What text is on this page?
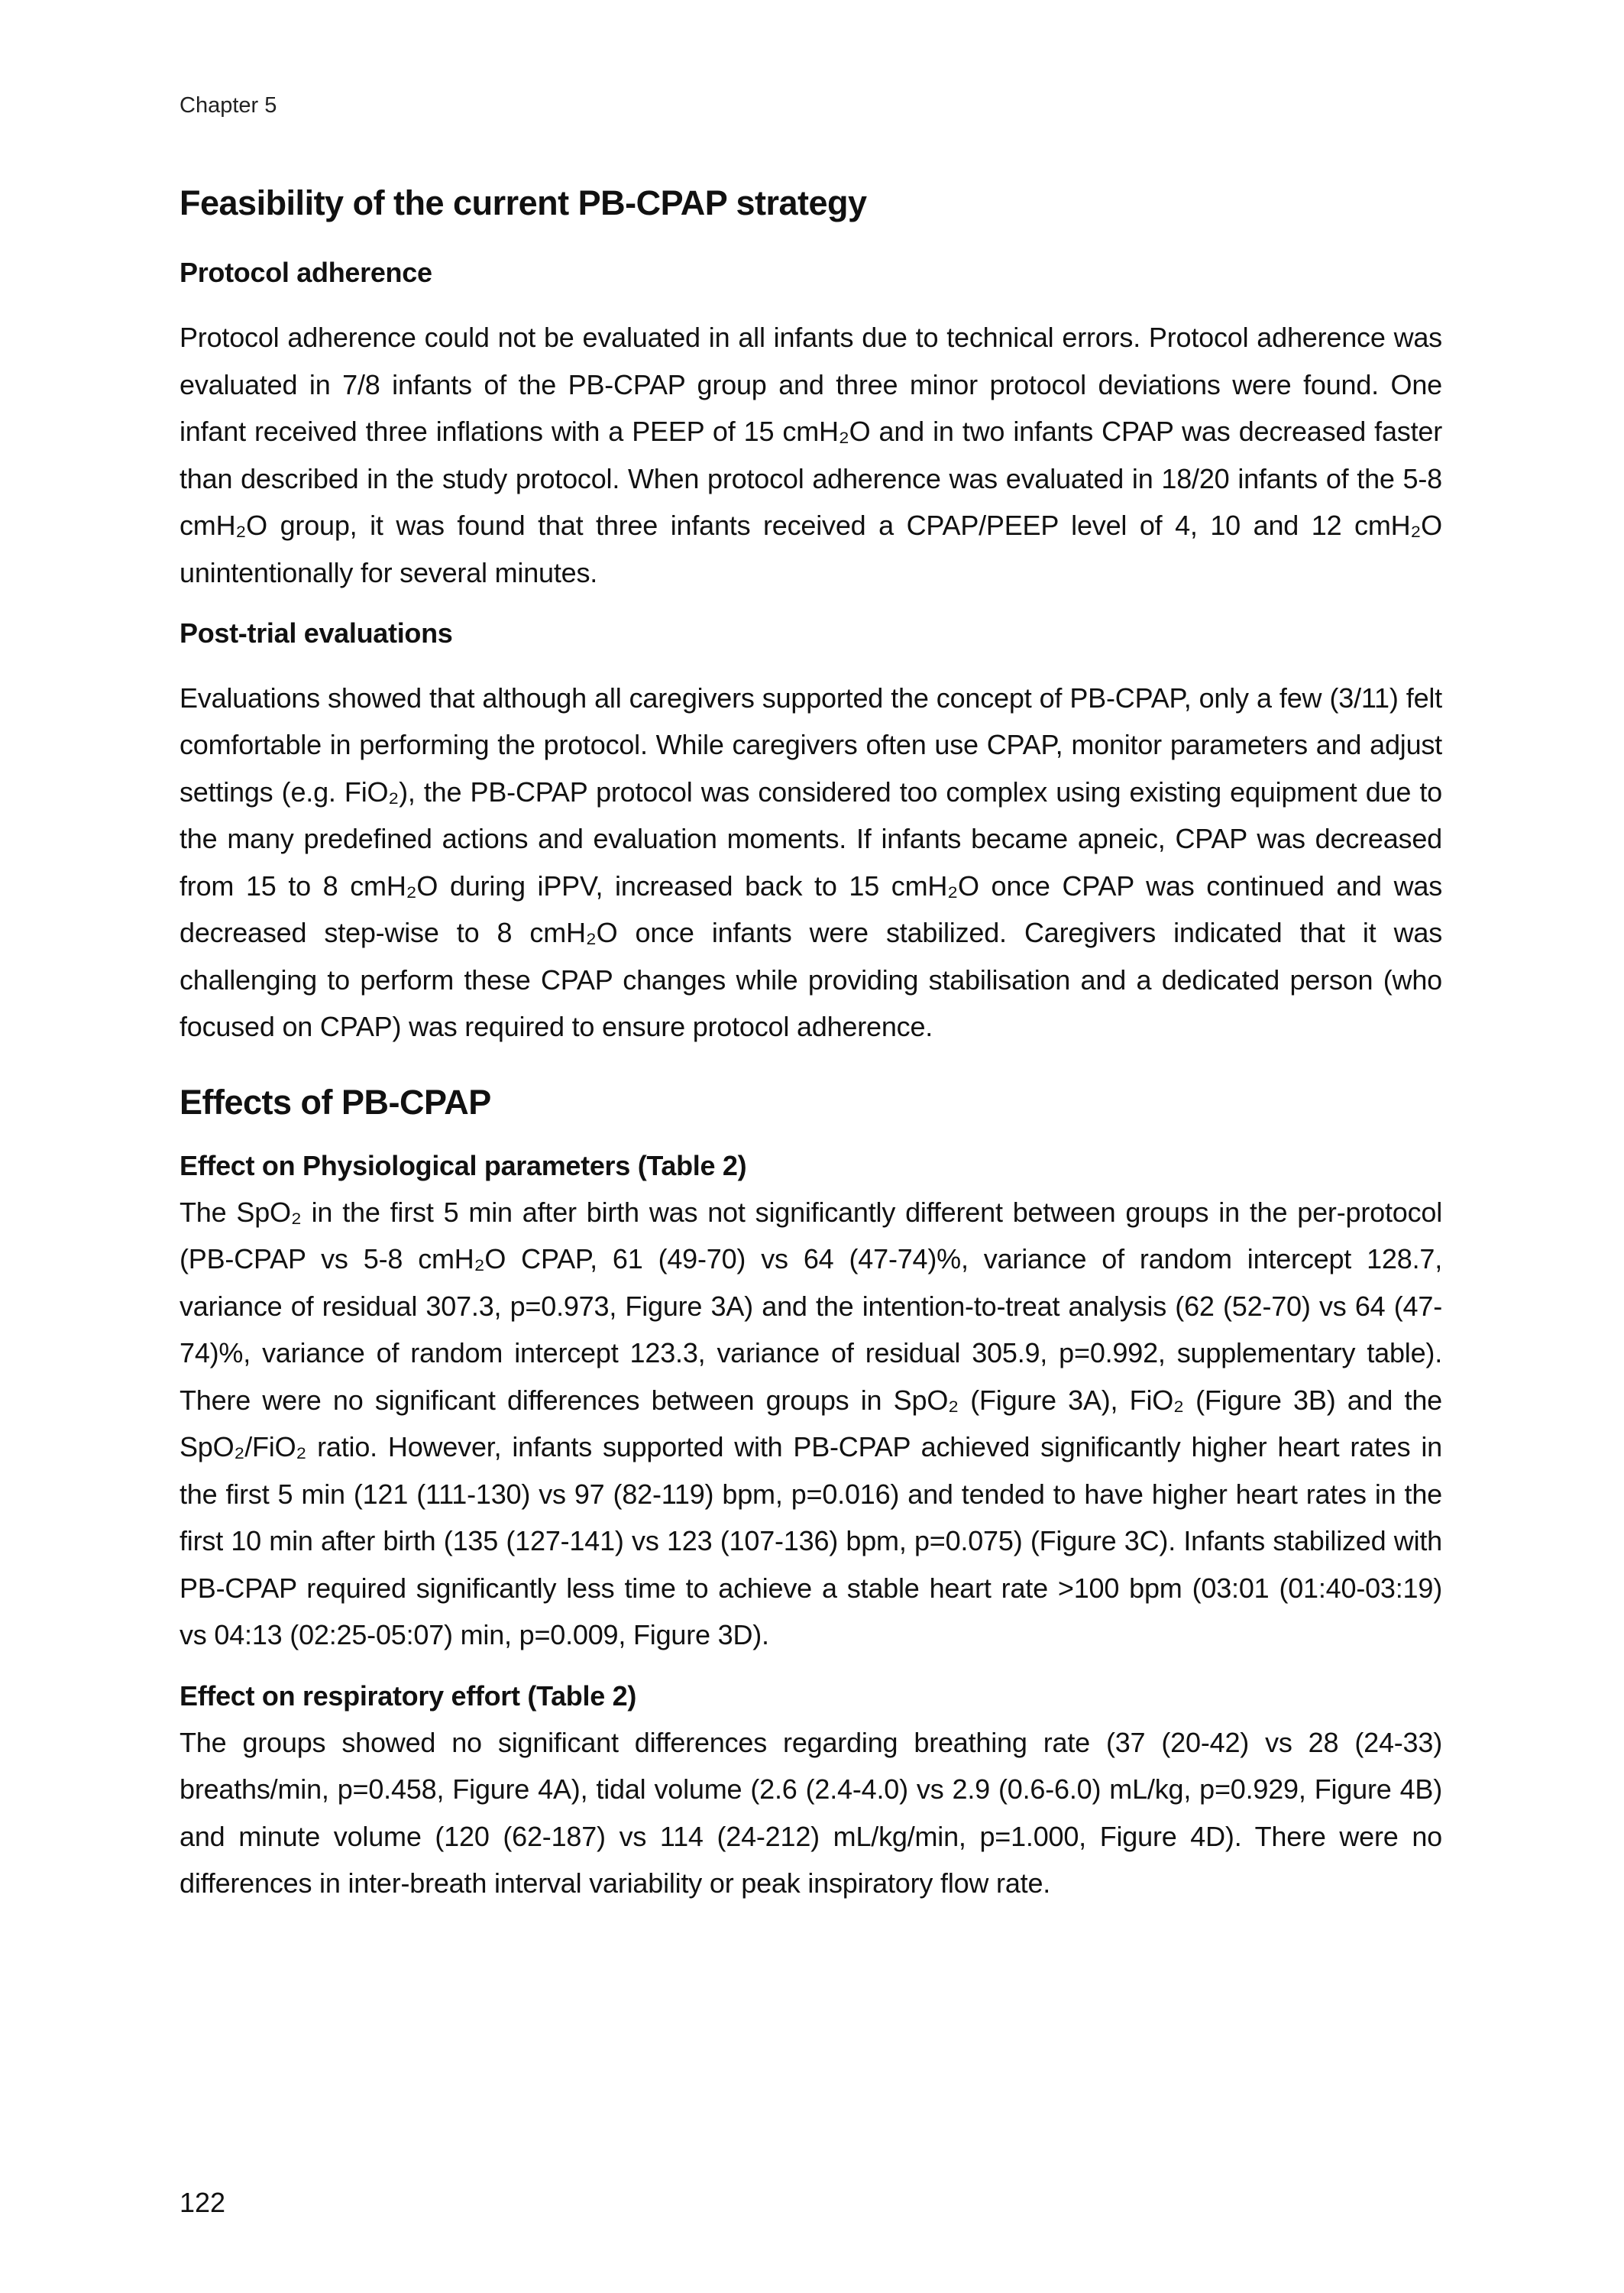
Chapter 5
Feasibility of the current PB-CPAP strategy
Protocol adherence

Protocol adherence could not be evaluated in all infants due to technical errors. Protocol adherence was evaluated in 7/8 infants of the PB-CPAP group and three minor protocol deviations were found. One infant received three inflations with a PEEP of 15 cmH₂O and in two infants CPAP was decreased faster than described in the study protocol. When protocol adherence was evaluated in 18/20 infants of the 5-8 cmH₂O group, it was found that three infants received a CPAP/PEEP level of 4, 10 and 12 cmH₂O unintentionally for several minutes.

Post-trial evaluations

Evaluations showed that although all caregivers supported the concept of PB-CPAP, only a few (3/11) felt comfortable in performing the protocol. While caregivers often use CPAP, monitor parameters and adjust settings (e.g. FiO₂), the PB-CPAP protocol was considered too complex using existing equipment due to the many predefined actions and evaluation moments. If infants became apneic, CPAP was decreased from 15 to 8 cmH₂O during iPPV, increased back to 15 cmH₂O once CPAP was continued and was decreased step-wise to 8 cmH₂O once infants were stabilized. Caregivers indicated that it was challenging to perform these CPAP changes while providing stabilisation and a dedicated person (who focused on CPAP) was required to ensure protocol adherence.

Effects of PB-CPAP
Effect on Physiological parameters (Table 2)

The SpO₂ in the first 5 min after birth was not significantly different between groups in the per-protocol (PB-CPAP vs 5-8 cmH₂O CPAP, 61 (49-70) vs 64 (47-74)%, variance of random intercept 128.7, variance of residual 307.3, p=0.973, Figure 3A) and the intention-to-treat analysis (62 (52-70) vs 64 (47-74)%, variance of random intercept 123.3, variance of residual 305.9, p=0.992, supplementary table). There were no significant differences between groups in SpO₂ (Figure 3A), FiO₂ (Figure 3B) and the SpO₂/FiO₂ ratio. However, infants supported with PB-CPAP achieved significantly higher heart rates in the first 5 min (121 (111-130) vs 97 (82-119) bpm, p=0.016) and tended to have higher heart rates in the first 10 min after birth (135 (127-141) vs 123 (107-136) bpm, p=0.075) (Figure 3C). Infants stabilized with PB-CPAP required significantly less time to achieve a stable heart rate >100 bpm (03:01 (01:40-03:19) vs 04:13 (02:25-05:07) min, p=0.009, Figure 3D).

Effect on respiratory effort (Table 2)

The groups showed no significant differences regarding breathing rate (37 (20-42) vs 28 (24-33) breaths/min, p=0.458, Figure 4A), tidal volume (2.6 (2.4-4.0) vs 2.9 (0.6-6.0) mL/kg, p=0.929, Figure 4B) and minute volume (120 (62-187) vs 114 (24-212) mL/kg/min, p=1.000, Figure 4D). There were no differences in inter-breath interval variability or peak inspiratory flow rate.

122
